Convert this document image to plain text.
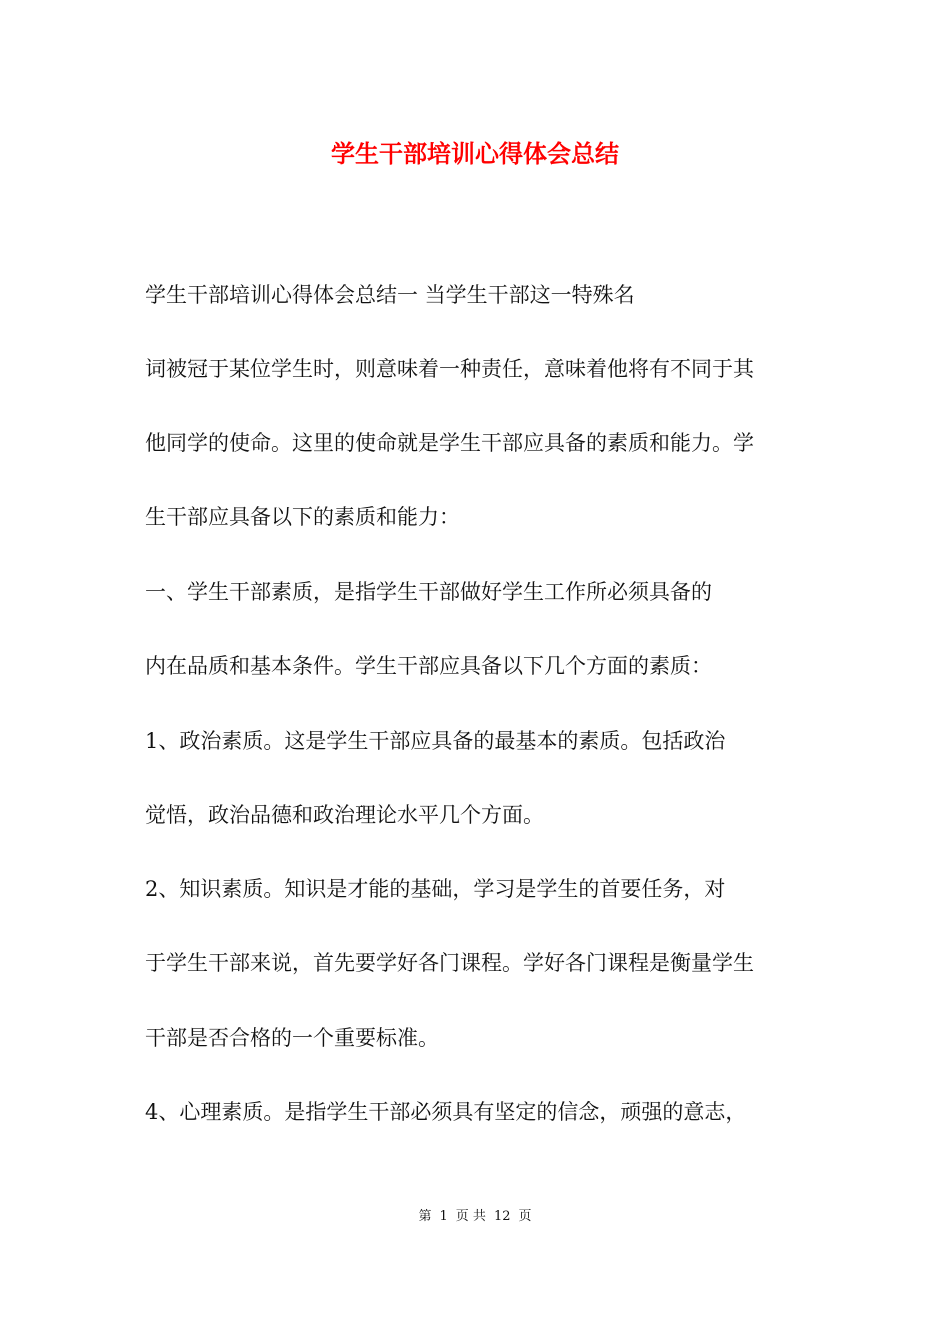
学生干部培训心得体会总结
学生干部培训心得体会总结一 当学生干部这一特殊名
词被冠于某位学生时，则意味着一种责任，意味着他将有不同于其
他同学的使命。这里的使命就是学生干部应具备的素质和能力。学
生干部应具备以下的素质和能力：
一、学生干部素质，是指学生干部做好学生工作所必须具备的
内在品质和基本条件。学生干部应具备以下几个方面的素质：
1、政治素质。这是学生干部应具备的最基本的素质。包括政治
觉悟，政治品德和政治理论水平几个方面。
2、知识素质。知识是才能的基础，学习是学生的首要任务，对
于学生干部来说，首先要学好各门课程。学好各门课程是衡量学生
干部是否合格的一个重要标准。
4、心理素质。是指学生干部必须具有坚定的信念，顽强的意志，
第 1 页 共 12 页
